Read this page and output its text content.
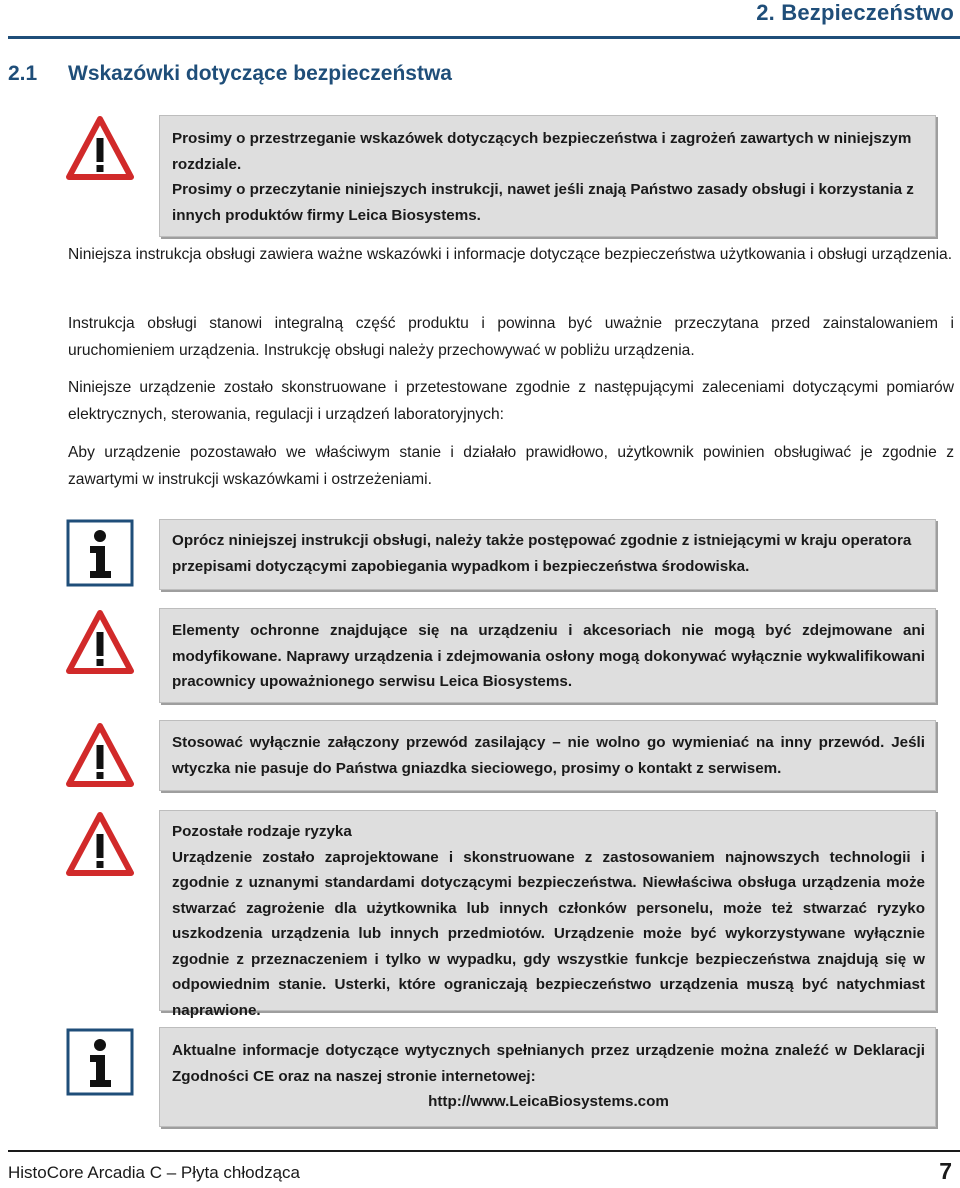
2. Bezpieczeństwo
2.1 Wskazówki dotyczące bezpieczeństwa

Prosimy o przestrzeganie wskazówek dotyczących bezpieczeństwa i zagrożeń zawartych w niniejszym rozdziale.

Prosimy o przeczytanie niniejszych instrukcji, nawet jeśli znają Państwo zasady obsługi i korzystania z innych produktów firmy Leica Biosystems.

Niniejsza instrukcja obsługi zawiera ważne wskazówki i informacje dotyczące bezpieczeństwa użytkowania i obsługi urządzenia.

Instrukcja obsługi stanowi integralną część produktu i powinna być uważnie przeczytana przed zainstalowaniem i uruchomieniem urządzenia. Instrukcję obsługi należy przechowywać w pobliżu urządzenia.

Niniejsze urządzenie zostało skonstruowane i przetestowane zgodnie z następującymi zaleceniami dotyczącymi pomiarów elektrycznych, sterowania, regulacji i urządzeń laboratoryjnych:

Aby urządzenie pozostawało we właściwym stanie i działało prawidłowo, użytkownik powinien obsługiwać je zgodnie z zawartymi w instrukcji wskazówkami i ostrzeżeniami.

Oprócz niniejszej instrukcji obsługi, należy także postępować zgodnie z istniejącymi w kraju operatora przepisami dotyczącymi zapobiegania wypadkom i bezpieczeństwa środowiska.

Elementy ochronne znajdujące się na urządzeniu i akcesoriach nie mogą być zdejmowane ani modyfikowane. Naprawy urządzenia i zdejmowania osłony mogą dokonywać wyłącznie wykwalifikowani pracownicy upoważnionego serwisu Leica Biosystems.

Stosować wyłącznie załączony przewód zasilający – nie wolno go wymieniać na inny przewód. Jeśli wtyczka nie pasuje do Państwa gniazdka sieciowego, prosimy o kontakt z serwisem.

Pozostałe rodzaje ryzyka

Urządzenie zostało zaprojektowane i skonstruowane z zastosowaniem najnowszych technologii i zgodnie z uznanymi standardami dotyczącymi bezpieczeństwa. Niewłaściwa obsługa urządzenia może stwarzać zagrożenie dla użytkownika lub innych członków personelu, może też stwarzać ryzyko uszkodzenia urządzenia lub innych przedmiotów. Urządzenie może być wykorzystywane wyłącznie zgodnie z przeznaczeniem i tylko w wypadku, gdy wszystkie funkcje bezpieczeństwa znajdują się w odpowiednim stanie. Usterki, które ograniczają bezpieczeństwo urządzenia muszą być natychmiast naprawione.

Aktualne informacje dotyczące wytycznych spełnianych przez urządzenie można znaleźć w Deklaracji Zgodności CE oraz na naszej stronie internetowej:

http://www.LeicaBiosystems.com
HistoCore Arcadia C – Płyta chłodząca	7
